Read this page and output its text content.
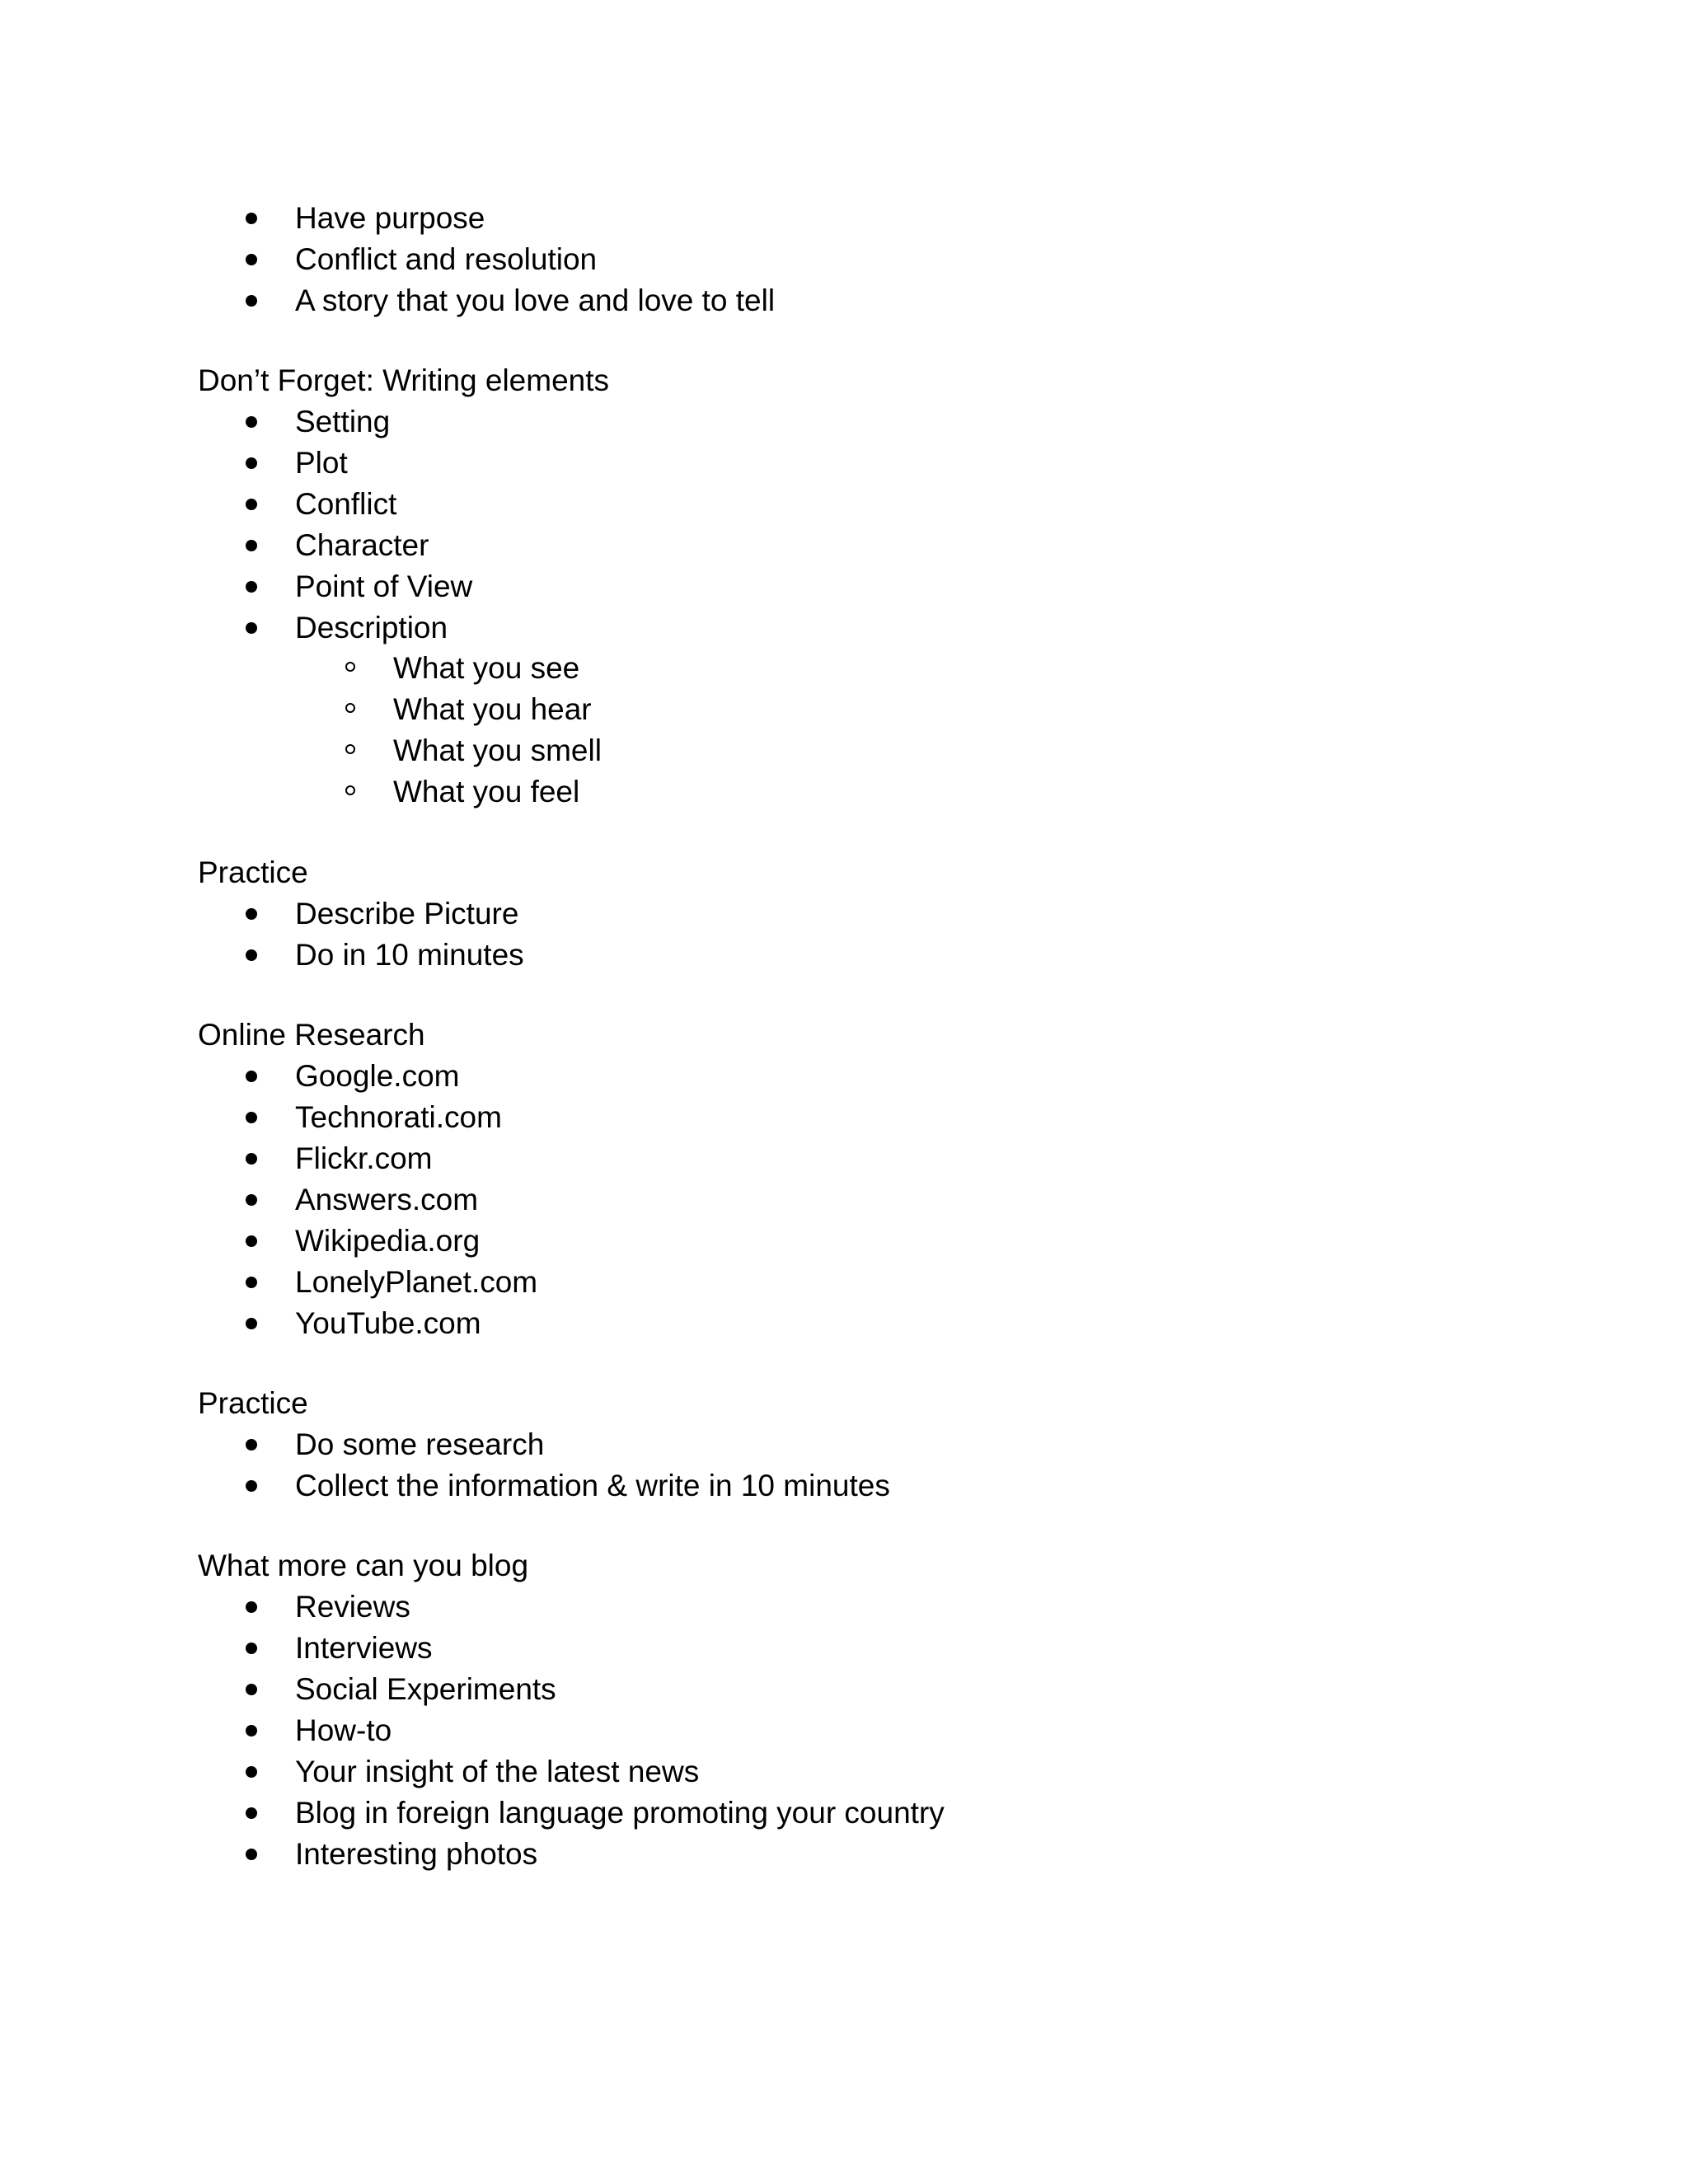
Have purpose
Conflict and resolution
A story that you love and love to tell
Don’t Forget: Writing elements
Setting
Plot
Conflict
Character
Point of View
Description
What you see
What you hear
What you smell
What you feel
Practice
Describe Picture
Do in 10 minutes
Online Research
Google.com
Technorati.com
Flickr.com
Answers.com
Wikipedia.org
LonelyPlanet.com
YouTube.com
Practice
Do some research
Collect the information & write in 10 minutes
What more can you blog
Reviews
Interviews
Social Experiments
How-to
Your insight of the latest news
Blog in foreign language promoting your country
Interesting photos
